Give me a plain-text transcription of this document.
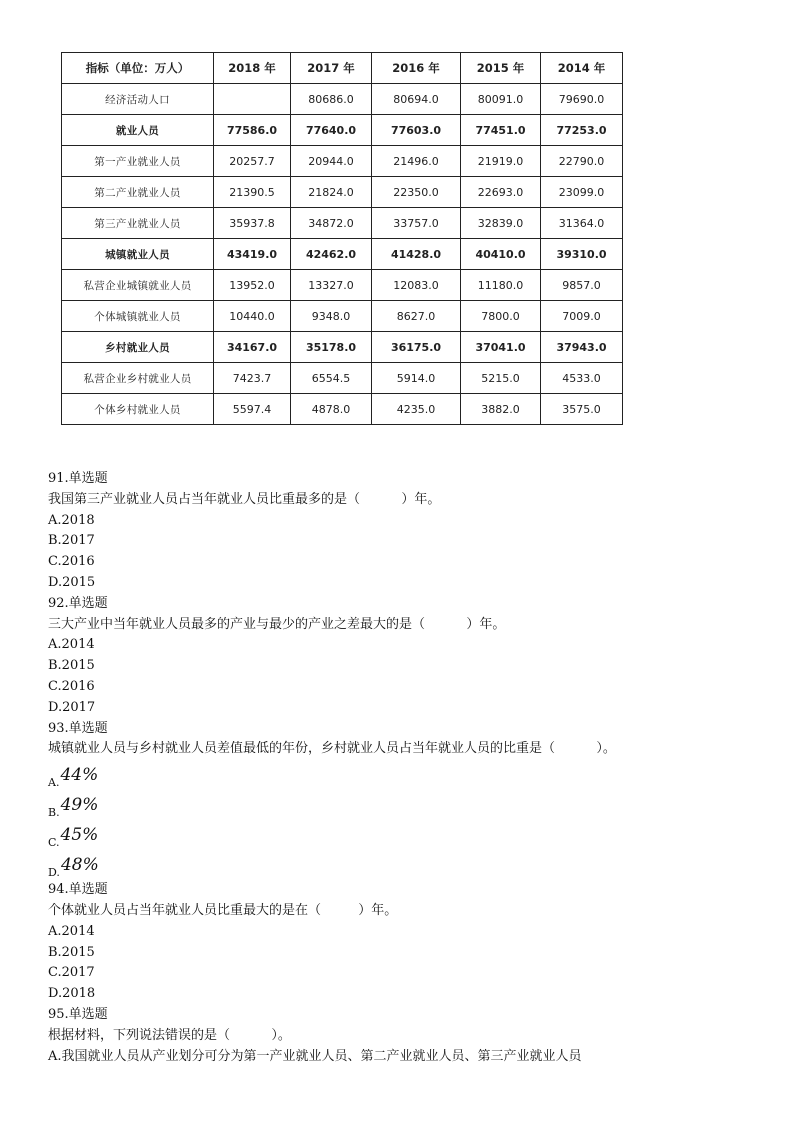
指标（单位：万人）	2018 年	2017 年	2016 年	2015 年	2014 年
经济活动人口		80686.0	80694.0	80091.0	79690.0
就业人员	77586.0	77640.0	77603.0	77451.0	77253.0
第一产业就业人员	20257.7	20944.0	21496.0	21919.0	22790.0
第二产业就业人员	21390.5	21824.0	22350.0	22693.0	23099.0
第三产业就业人员	35937.8	34872.0	33757.0	32839.0	31364.0
城镇就业人员	43419.0	42462.0	41428.0	40410.0	39310.0
私营企业城镇就业人员	13952.0	13327.0	12083.0	11180.0	9857.0
个体城镇就业人员	10440.0	9348.0	8627.0	7800.0	7009.0
乡村就业人员	34167.0	35178.0	36175.0	37041.0	37943.0
私营企业乡村就业人员	7423.7	6554.5	5914.0	5215.0	4533.0
个体乡村就业人员	5597.4	4878.0	4235.0	3882.0	3575.0
91.单选题
我国第三产业就业人员占当年就业人员比重最多的是（          ）年。
A.2018
B.2017
C.2016
D.2015
92.单选题
三大产业中当年就业人员最多的产业与最少的产业之差最大的是（          ）年。
A.2014
B.2015
C.2016
D.2017
93.单选题
城镇就业人员与乡村就业人员差值最低的年份，乡村就业人员占当年就业人员的比重是（          ）。
$_{A.}$44%
$_{B.}$49%
$_{C.}$45%
$_{D.}$48%
94.单选题
个体就业人员占当年就业人员比重最大的是在（         ）年。
A.2014
B.2015
C.2017
D.2018
95.单选题
根据材料，下列说法错误的是（          ）。
A.我国就业人员从产业划分可分为第一产业就业人员、第二产业就业人员、第三产业就业人员
